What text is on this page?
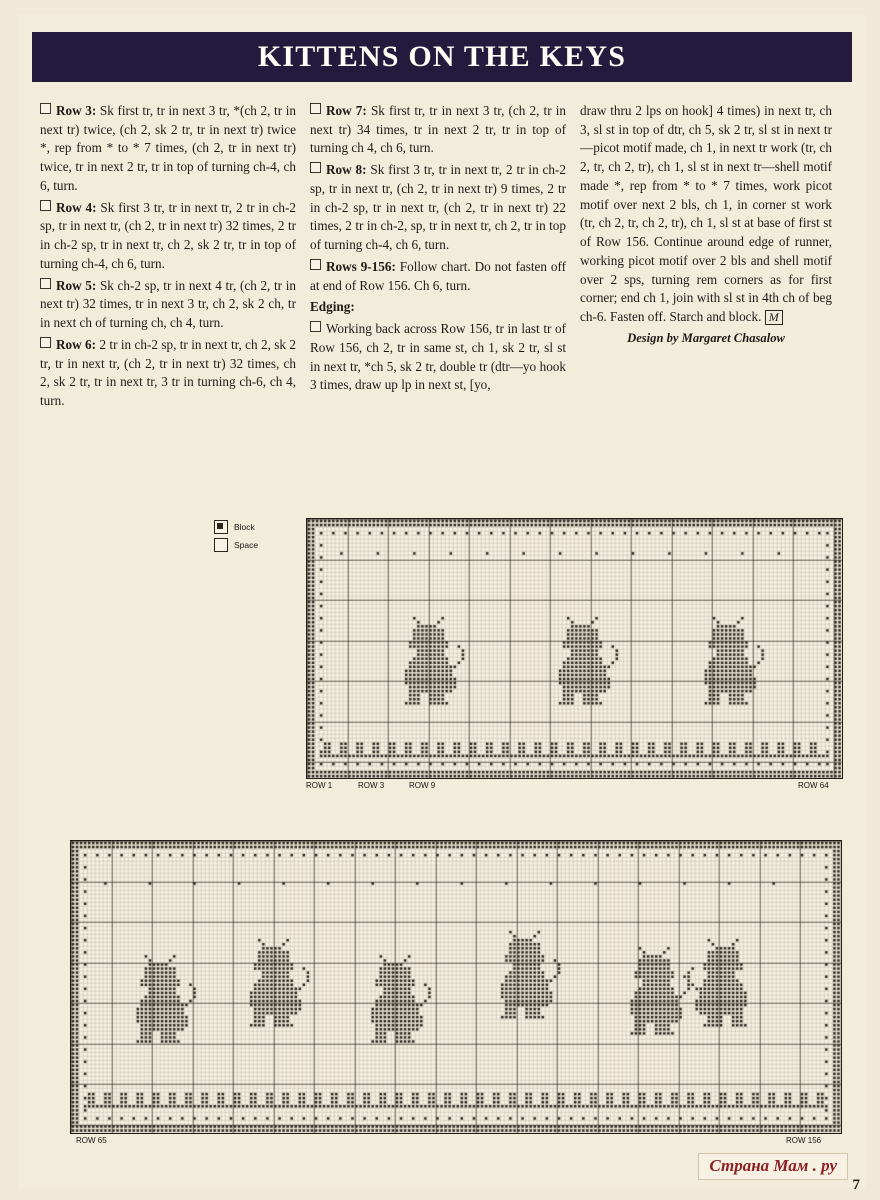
KITTENS ON THE KEYS

Row 3: Sk first tr, tr in next 3 tr, *(ch 2, tr in next tr) twice, (ch 2, sk 2 tr, tr in next tr) twice *, rep from * to * 7 times, (ch 2, tr in next tr) twice, tr in next 2 tr, tr in top of turning ch-4, ch 6, turn.

Row 4: Sk first 3 tr, tr in next tr, 2 tr in ch-2 sp, tr in next tr, (ch 2, tr in next tr) 32 times, 2 tr in ch-2 sp, tr in next tr, ch 2, sk 2 tr, tr in top of turning ch-4, ch 6, turn.

Row 5: Sk ch-2 sp, tr in next 4 tr, (ch 2, tr in next tr) 32 times, tr in next 3 tr, ch 2, sk 2 ch, tr in next ch of turning ch, ch 4, turn.

Row 6: 2 tr in ch-2 sp, tr in next tr, ch 2, sk 2 tr, tr in next tr, (ch 2, tr in next tr) 32 times, ch 2, sk 2 tr, tr in next tr, 3 tr in turning ch-6, ch 4, turn.

Row 7: Sk first tr, tr in next 3 tr, (ch 2, tr in next tr) 34 times, tr in next 2 tr, tr in top of turning ch 4, ch 6, turn.

Row 8: Sk first 3 tr, tr in next tr, 2 tr in ch-2 sp, tr in next tr, (ch 2, tr in next tr) 9 times, 2 tr in ch-2 sp, tr in next tr, (ch 2, tr in next tr) 22 times, 2 tr in ch-2, sp, tr in next tr, ch 2, tr in top of turning ch-4, ch 6, turn.

Rows 9-156: Follow chart. Do not fasten off at end of Row 156. Ch 6, turn.

Edging:

Working back across Row 156, tr in last tr of Row 156, ch 2, tr in same st, ch 1, sk 2 tr, sl st in next tr, *ch 5, sk 2 tr, double tr (dtr—yo hook 3 times, draw up lp in next st, [yo,

draw thru 2 lps on hook] 4 times) in next tr, ch 3, sl st in top of dtr, ch 5, sk 2 tr, sl st in next tr—picot motif made, ch 1, in next tr work (tr, ch 2, tr, ch 2, tr), ch 1, sl st in next tr—shell motif made *, rep from * to * 7 times, work picot motif over next 2 bls, ch 1, in corner st work (tr, ch 2, tr, ch 2, tr), ch 1, sl st at base of first st of Row 156. Continue around edge of runner, working picot motif over 2 bls and shell motif over 2 sps, turning rem corners as for first corner; end ch 1, join with sl st in 4th ch of beg ch-6. Fasten off. Starch and block. M

Design by Margaret Chasalow

Block
Space
ROW 1	ROW 3	ROW 9	ROW 64
ROW 65	ROW 156
Страна Мам . ру
7
